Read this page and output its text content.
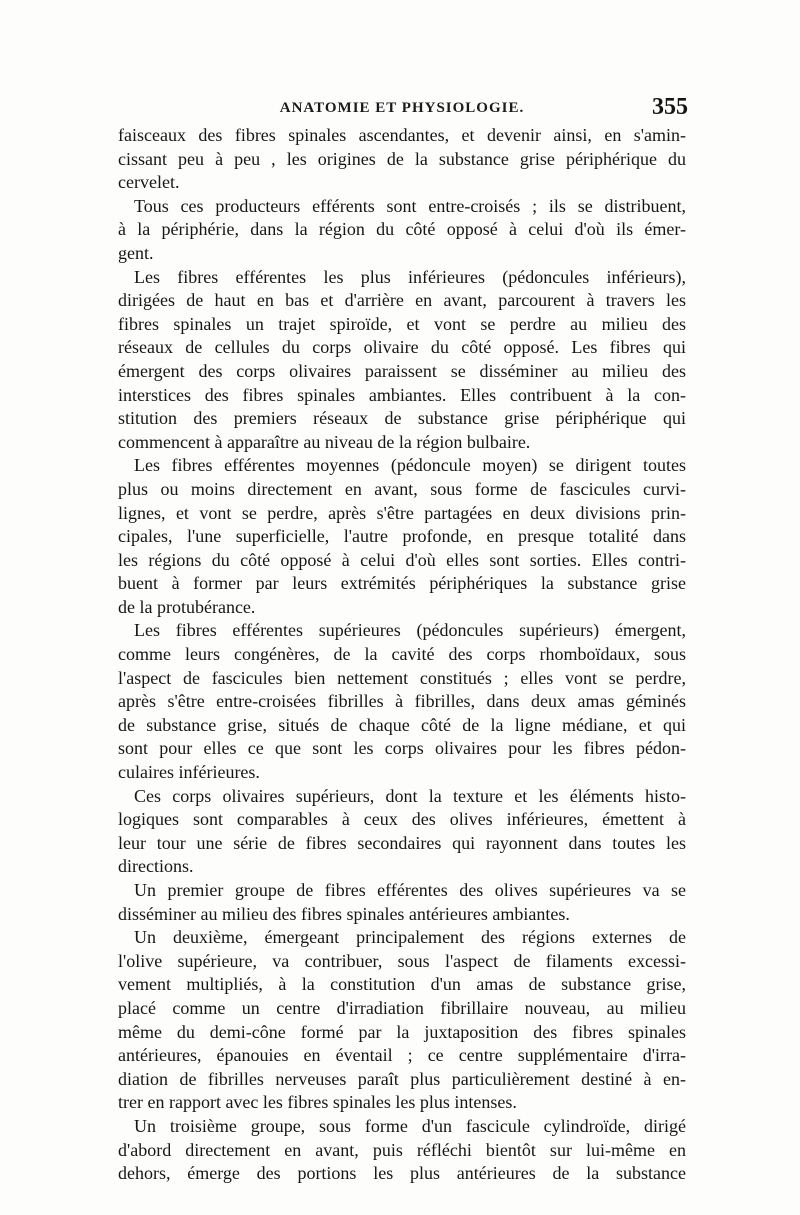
ANATOMIE ET PHYSIOLOGIE.	355
faisceaux des fibres spinales ascendantes, et devenir ainsi, en s'amin-
cissant peu à peu , les origines de la substance grise périphérique du
cervelet.
Tous ces producteurs efférents sont entre-croisés ; ils se distribuent,
à la périphérie, dans la région du côté opposé à celui d'où ils émer-
gent.
Les fibres efférentes les plus inférieures (pédoncules inférieurs),
dirigées de haut en bas et d'arrière en avant, parcourent à travers les
fibres spinales un trajet spiroïde, et vont se perdre au milieu des
réseaux de cellules du corps olivaire du côté opposé. Les fibres qui
émergent des corps olivaires paraissent se disséminer au milieu des
interstices des fibres spinales ambiantes. Elles contribuent à la con-
stitution des premiers réseaux de substance grise périphérique qui
commencent à apparaître au niveau de la région bulbaire.
Les fibres efférentes moyennes (pédoncule moyen) se dirigent toutes
plus ou moins directement en avant, sous forme de fascicules curvi-
lignes, et vont se perdre, après s'être partagées en deux divisions prin-
cipales, l'une superficielle, l'autre profonde, en presque totalité dans
les régions du côté opposé à celui d'où elles sont sorties. Elles contri-
buent à former par leurs extrémités périphériques la substance grise
de la protubérance.
Les fibres efférentes supérieures (pédoncules supérieurs) émergent,
comme leurs congénères, de la cavité des corps rhomboïdaux, sous
l'aspect de fascicules bien nettement constitués ; elles vont se perdre,
après s'être entre-croisées fibrilles à fibrilles, dans deux amas géminés
de substance grise, situés de chaque côté de la ligne médiane, et qui
sont pour elles ce que sont les corps olivaires pour les fibres pédon-
culaires inférieures.
Ces corps olivaires supérieurs, dont la texture et les éléments histo-
logiques sont comparables à ceux des olives inférieures, émettent à
leur tour une série de fibres secondaires qui rayonnent dans toutes les
directions.
Un premier groupe de fibres efférentes des olives supérieures va se
disséminer au milieu des fibres spinales antérieures ambiantes.
Un deuxième, émergeant principalement des régions externes de
l'olive supérieure, va contribuer, sous l'aspect de filaments excessi-
vement multipliés, à la constitution d'un amas de substance grise,
placé comme un centre d'irradiation fibrillaire nouveau, au milieu
même du demi-cône formé par la juxtaposition des fibres spinales
antérieures, épanouies en éventail ; ce centre supplémentaire d'irra-
diation de fibrilles nerveuses paraît plus particulièrement destiné à en-
trer en rapport avec les fibres spinales les plus intenses.
Un troisième groupe, sous forme d'un fascicule cylindroïde, dirigé
d'abord directement en avant, puis réfléchi bientôt sur lui-même en
dehors, émerge des portions les plus antérieures de la substance
